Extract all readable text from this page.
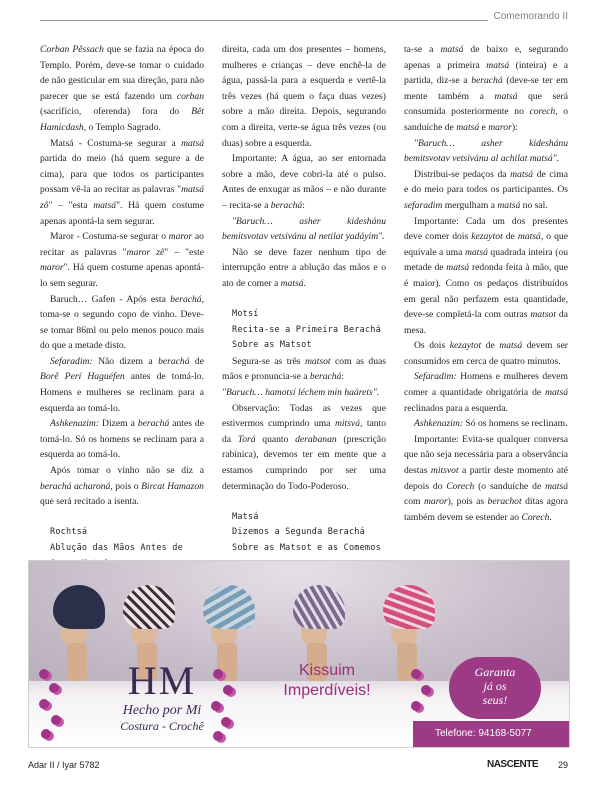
Comemorando II

Corban Pêssach que se fazia na época do Templo. Porém, deve-se tomar o cuidado de não gesticular em sua direção, para não parecer que se está fazendo um corban (sacrifício, oferenda) fora do Bêt Hamicdash, o Templo Sagrado.

Matsá - Costuma-se segurar a matsá partida do meio (há quem segure a de cima), para que todos os participantes possam vê-la ao recitar as palavras "matsá zô" – "esta matsá". Há quem costume apenas apontá-la sem segurar.

Maror - Costuma-se segurar o maror ao recitar as palavras "maror zê" – "este maror". Há quem costume apenas apontá-lo sem segurar.

Baruch… Gafen - Após esta berachá, toma-se o segundo copo de vinho. Deve-se tomar 86ml ou pelo menos pouco mais do que a metade disto.

Sefaradim: Não dizem a berachá de Borê Perí Haguéfen antes de tomá-lo. Homens e mulheres se reclinam para a esquerda ao tomá-lo.

Ashkenazim: Dizem a berachá antes de tomá-lo. Só os homens se reclinam para a esquerda ao tomá-lo.

Após tomar o vinho não se diz a berachá acharoná, pois o Bircat Hamazon que será recitado a isenta.

Rochtsá

Ablução das Mãos Antes de

direita, cada um dos presentes – homens, mulheres e crianças – deve enchê-la de água, passá-la para a esquerda e vertê-la três vezes (há quem o faça duas vezes) sobre a mão direita. Depois, segurando com a direita, verte-se água três vezes (ou duas) sobre a esquerda.

Importante: A água, ao ser entornada sobre a mão, deve cobri-la até o pulso. Antes de enxugar as mãos – e não durante – recita-se a berachá:

"Baruch… asher kideshánu bemitsvotav vetsivánu al netilat yadáyim".

Não se deve fazer nenhum tipo de interrupção entre a ablução das mãos e o ato de comer a matsá.

Motsí

Recita-se a Primeira Berachá

Sobre as Matsot

Segura-se as três matsot com as duas mãos e pronuncia-se a berachá:

"Baruch… hamotsí léchem min haárets".

Observação: Todas as vezes que estivermos cumprindo uma mitsvá, tanto da Torá quanto derabanan (prescrição rabínica), devemos ter em mente que a estamos cumprindo por ser uma determinação do Todo-Poderoso.

Matsá

Dizemos a Segunda Berachá

Sobre as Matsot e as Comemos

ta-se a matsá de baixo e, segurando apenas a primeira matsá (inteira) e a partida, diz-se a berachá (deve-se ter em mente também a matsá que será consumida posteriormente no corech, o sanduíche de matsá e maror):

"Baruch… asher kideshánu bemitsvotav vetsivánu al achilat matsá".

Distribui-se pedaços da matsá de cima e do meio para todos os participantes. Os sefaradim mergulham a matsá no sal.

Importante: Cada um dos presentes deve comer dois kezaytot de matsá, o que equivale a uma matsá quadrada inteira (ou metade de matsá redonda feita à mão, que é maior). Como os pedaços distribuídos em geral não perfazem esta quantidade, deve-se completá-la com outras matsot da mesa.

Os dois kezaytot de matsá devem ser consumidos em cerca de quatro minutos.

Sefaradim: Homens e mulheres devem comer a quantidade obrigatória de matsá reclinados para a esquerda.

Ashkenazim: Só os homens se reclinam.

Importante: Evita-se qualquer conversa que não seja necessária para a observância destas mitsvot a partir deste momento até depois do Corech (o sanduíche de matsá com maror), pois as berachot ditas agora também devem se estender ao Corech.

HM
Hecho por Mi
Costura - Crochê
Kissuim
Imperdíveis!
Garanta
já os
seus!
Telefone: 94168-5077
Adar II / Iyar 5782	NASCENTE 29
